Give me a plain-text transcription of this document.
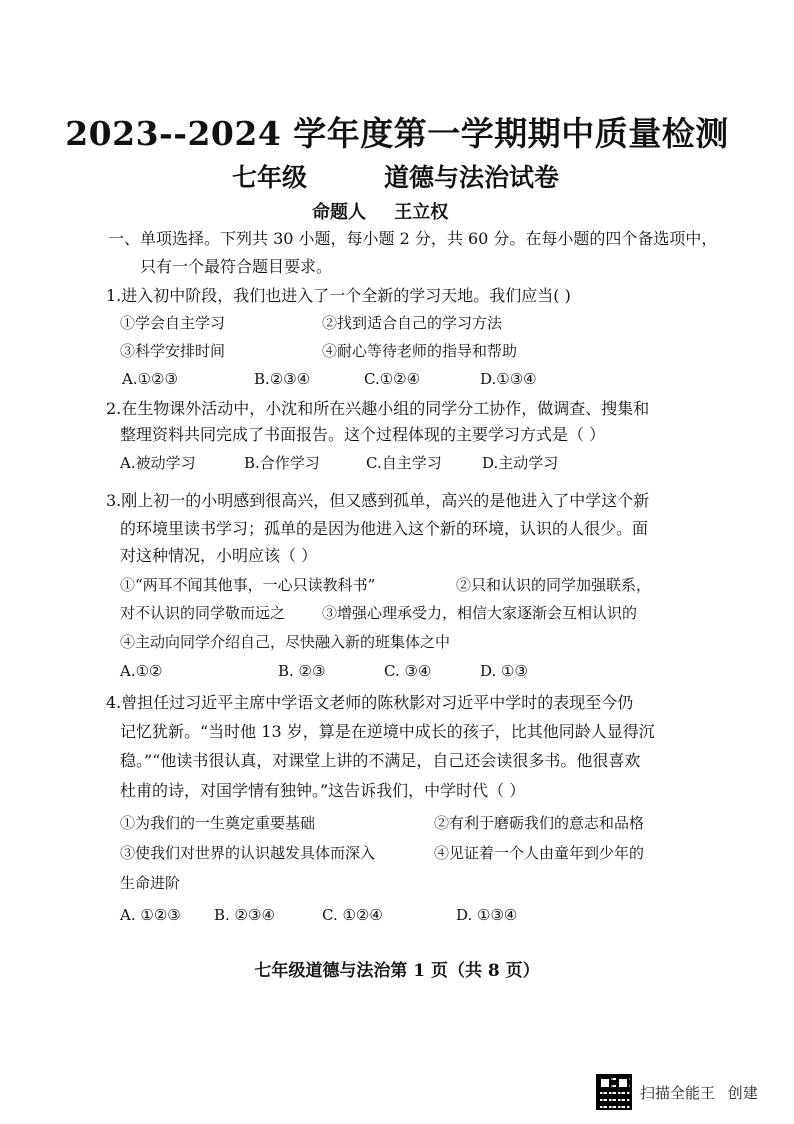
2023--2024 学年度第一学期期中质量检测
七年级	道德与法治试卷
命题人 王立权
一、单项选择。下列共 30 小题，每小题 2 分，共 60 分。在每小题的四个备选项中，
只有一个最符合题目要求。
1.进入初中阶段，我们也进入了一个全新的学习天地。我们应当( )
①学会自主学习	②找到适合自己的学习方法
③科学安排时间	④耐心等待老师的指导和帮助
A.①②③	B.②③④	C.①②④	D.①③④
2.在生物课外活动中，小沈和所在兴趣小组的同学分工协作，做调查、搜集和
整理资料共同完成了书面报告。这个过程体现的主要学习方式是（ ）
A.被动学习	B.合作学习	C.自主学习	D.主动学习
3.刚上初一的小明感到很高兴，但又感到孤单，高兴的是他进入了中学这个新
的环境里读书学习；孤单的是因为他进入这个新的环境，认识的人很少。面
对这种情况，小明应该（ ）
①“两耳不闻其他事，一心只读教科书”	②只和认识的同学加强联系，
对不认识的同学敬而远之 ③增强心理承受力，相信大家逐渐会互相认识的
④主动向同学介绍自己，尽快融入新的班集体之中
A.①②	B. ②③	C. ③④	D. ①③
4.曾担任过习近平主席中学语文老师的陈秋影对习近平中学时的表现至今仍
记忆犹新。“当时他 13 岁，算是在逆境中成长的孩子，比其他同龄人显得沉
稳。”“他读书很认真，对课堂上讲的不满足，自己还会读很多书。他很喜欢
杜甫的诗，对国学情有独钟。”这告诉我们，中学时代（ ）
①为我们的一生奠定重要基础	②有利于磨砺我们的意志和品格
③使我们对世界的认识越发具体而深入	④见证着一个人由童年到少年的
生命进阶
A. ①②③ B. ②③④	C. ①②④	D. ①③④
七年级道德与法治第 1 页（共 8 页）
扫描全能王 创建
